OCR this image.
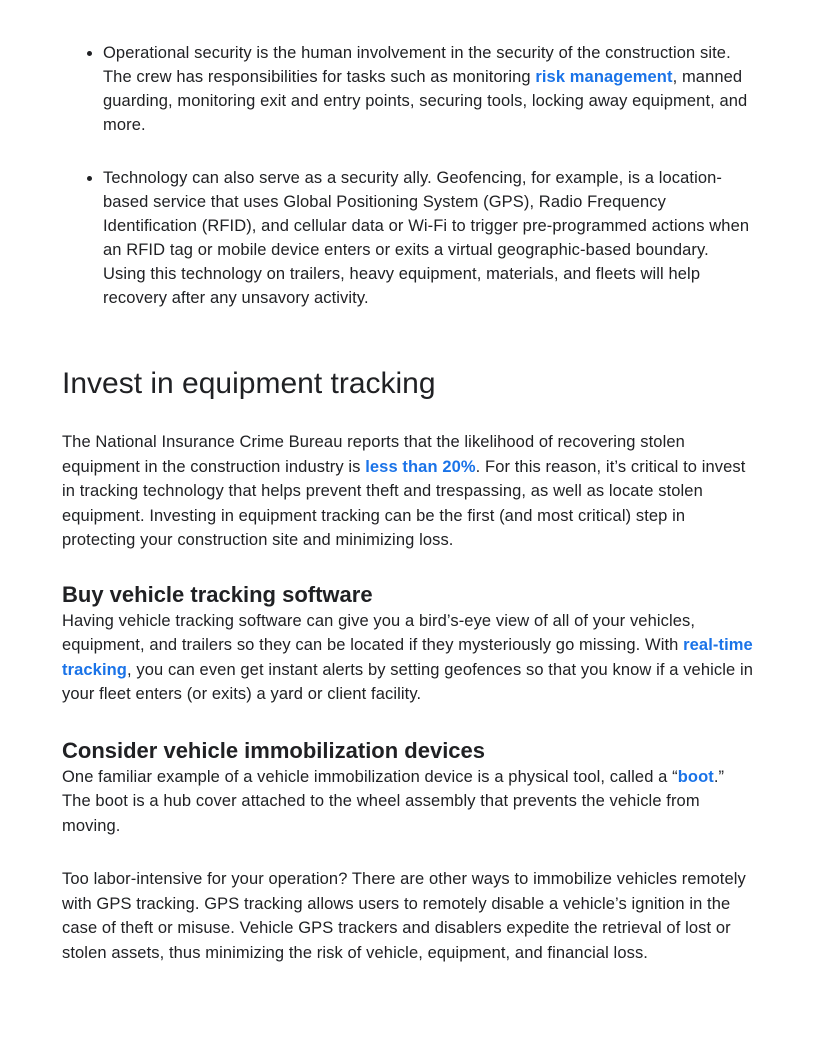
• Operational security is the human involvement in the security of the construction site. The crew has responsibilities for tasks such as monitoring risk management, manned guarding, monitoring exit and entry points, securing tools, locking away equipment, and more.
• Technology can also serve as a security ally. Geofencing, for example, is a location-based service that uses Global Positioning System (GPS), Radio Frequency Identification (RFID), and cellular data or Wi-Fi to trigger pre-programmed actions when an RFID tag or mobile device enters or exits a virtual geographic-based boundary. Using this technology on trailers, heavy equipment, materials, and fleets will help recovery after any unsavory activity.
Invest in equipment tracking

The National Insurance Crime Bureau reports that the likelihood of recovering stolen equipment in the construction industry is less than 20%. For this reason, it’s critical to invest in tracking technology that helps prevent theft and trespassing, as well as locate stolen equipment. Investing in equipment tracking can be the first (and most critical) step in protecting your construction site and minimizing loss.

Buy vehicle tracking software

Having vehicle tracking software can give you a bird’s-eye view of all of your vehicles, equipment, and trailers so they can be located if they mysteriously go missing. With real-time tracking, you can even get instant alerts by setting geofences so that you know if a vehicle in your fleet enters (or exits) a yard or client facility.

Consider vehicle immobilization devices

One familiar example of a vehicle immobilization device is a physical tool, called a “boot.” The boot is a hub cover attached to the wheel assembly that prevents the vehicle from moving.

Too labor-intensive for your operation? There are other ways to immobilize vehicles remotely with GPS tracking. GPS tracking allows users to remotely disable a vehicle’s ignition in the case of theft or misuse. Vehicle GPS trackers and disablers expedite the retrieval of lost or stolen assets, thus minimizing the risk of vehicle, equipment, and financial loss.
